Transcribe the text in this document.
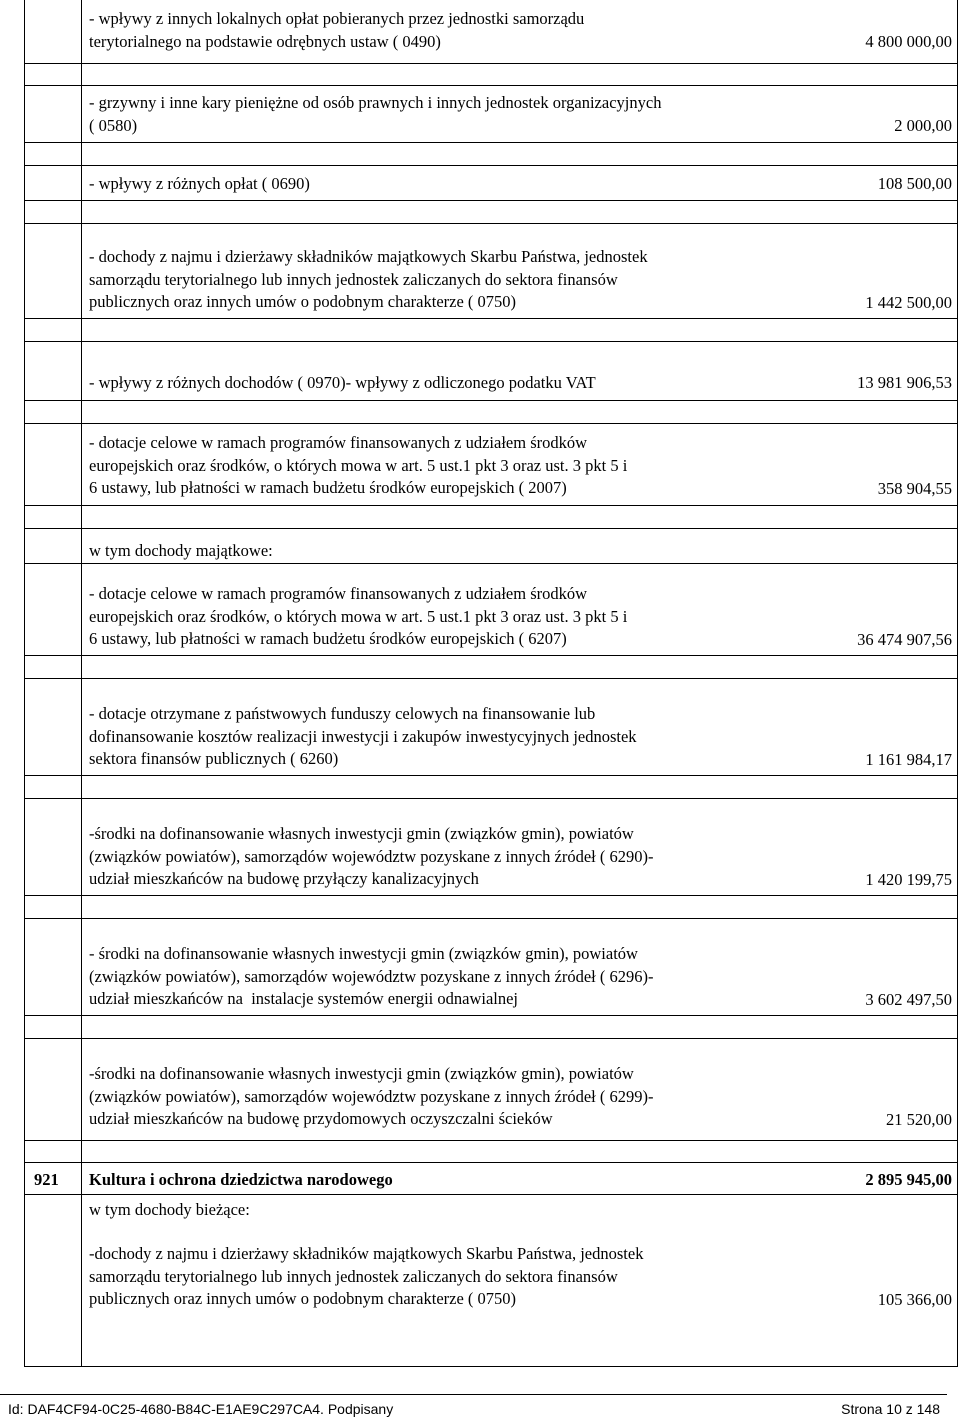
- wpływy z innych lokalnych opłat pobieranych przez jednostki samorządu
terytorialnego na podstawie odrębnych ustaw ( 0490)	4 800 000,00
- grzywny i inne kary pieniężne od osób prawnych i innych jednostek organizacyjnych
( 0580)	2 000,00
- wpływy z różnych opłat ( 0690)	108 500,00
- dochody z najmu i dzierżawy składników majątkowych Skarbu Państwa, jednostek
samorządu terytorialnego lub innych jednostek zaliczanych do sektora finansów
publicznych oraz innych umów o podobnym charakterze ( 0750)	1 442 500,00
- wpływy z różnych dochodów ( 0970)- wpływy z odliczonego podatku VAT	13 981 906,53
- dotacje celowe w ramach programów finansowanych z udziałem środków
europejskich oraz środków, o których mowa w art. 5 ust.1 pkt 3 oraz ust. 3 pkt 5 i
6 ustawy, lub płatności w ramach budżetu środków europejskich ( 2007)	358 904,55
w tym dochody majątkowe:
- dotacje celowe w ramach programów finansowanych z udziałem środków
europejskich oraz środków, o których mowa w art. 5 ust.1 pkt 3 oraz ust. 3 pkt 5 i
6 ustawy, lub płatności w ramach budżetu środków europejskich ( 6207)	36 474 907,56
- dotacje otrzymane z państwowych funduszy celowych na finansowanie lub
dofinansowanie kosztów realizacji inwestycji i zakupów inwestycyjnych jednostek
sektora finansów publicznych ( 6260)	1 161 984,17
-środki na dofinansowanie własnych inwestycji gmin (związków gmin), powiatów
(związków powiatów), samorządów województw pozyskane z innych źródeł ( 6290)-
udział mieszkańców na budowę przyłączy kanalizacyjnych	1 420 199,75
- środki na dofinansowanie własnych inwestycji gmin (związków gmin), powiatów
(związków powiatów), samorządów województw pozyskane z innych źródeł ( 6296)-
udział mieszkańców na  instalacje systemów energii odnawialnej	3 602 497,50
-środki na dofinansowanie własnych inwestycji gmin (związków gmin), powiatów
(związków powiatów), samorządów województw pozyskane z innych źródeł ( 6299)-
udział mieszkańców na budowę przydomowych oczyszczalni ścieków	21 520,00
921 Kultura i ochrona dziedzictwa narodowego	2 895 945,00
w tym dochody bieżące:
-dochody z najmu i dzierżawy składników majątkowych Skarbu Państwa, jednostek
samorządu terytorialnego lub innych jednostek zaliczanych do sektora finansów
publicznych oraz innych umów o podobnym charakterze ( 0750)	105 366,00
Id: DAF4CF94-0C25-4680-B84C-E1AE9C297CA4. Podpisany	Strona 10 z 148
